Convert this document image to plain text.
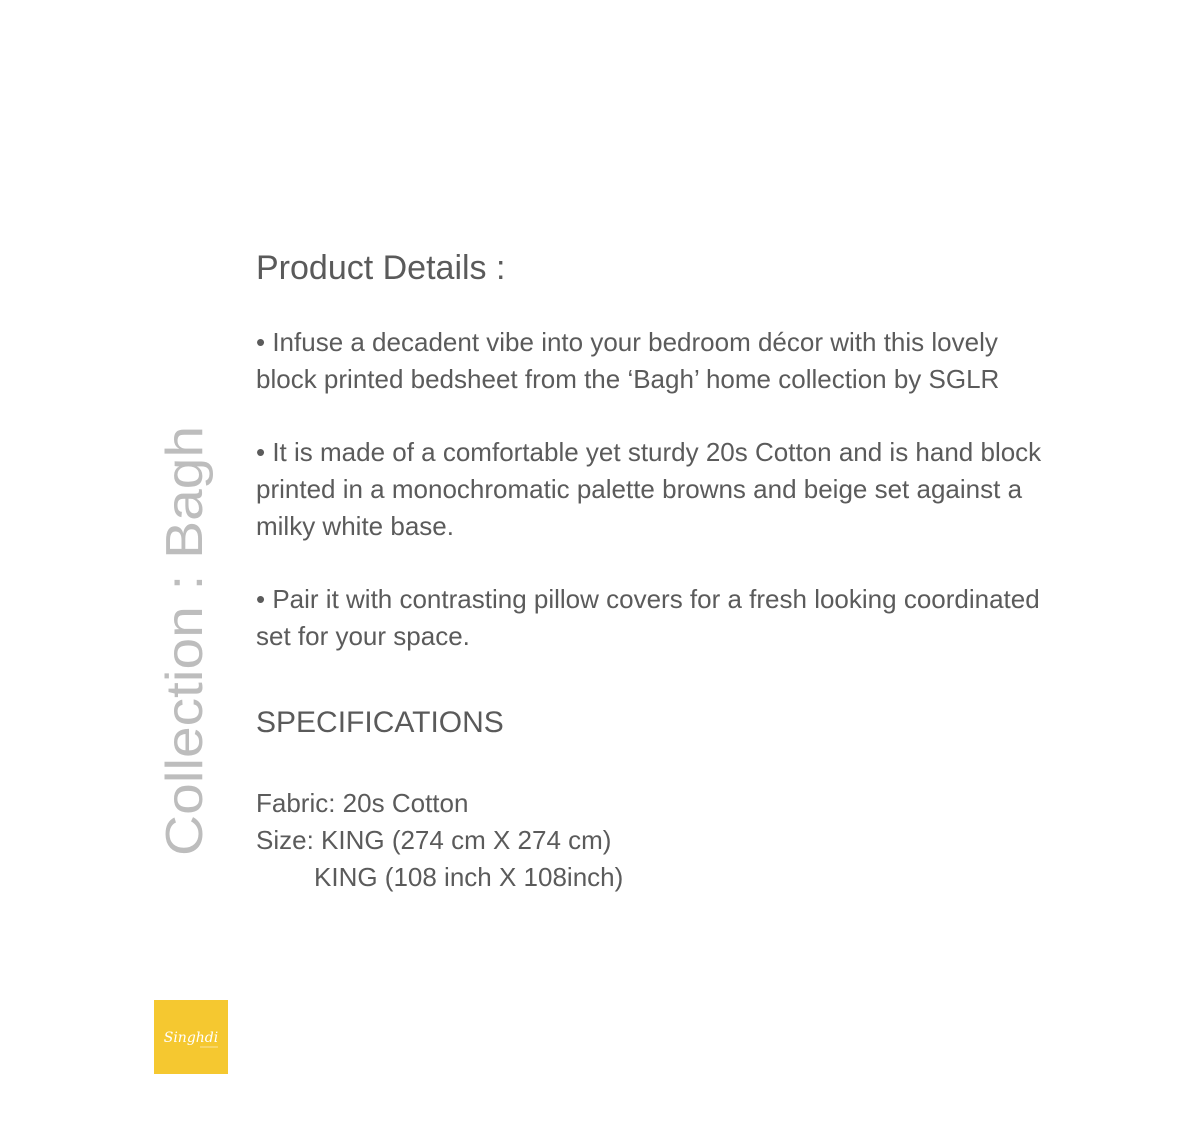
Collection : Bagh
Product Details :

• Infuse a decadent vibe into your bedroom décor with this lovely
block printed bedsheet from the ‘Bagh’ home collection by SGLR

• It is made of a comfortable yet sturdy 20s Cotton and is hand block
printed in a monochromatic palette browns and beige set against a
milky white base.

• Pair it with contrasting pillow covers for a fresh looking coordinated
set for your space.

SPECIFICATIONS

Fabric: 20s Cotton

Size: KING (274 cm X 274 cm)

KING (108 inch X 108inch)

Singhdi
